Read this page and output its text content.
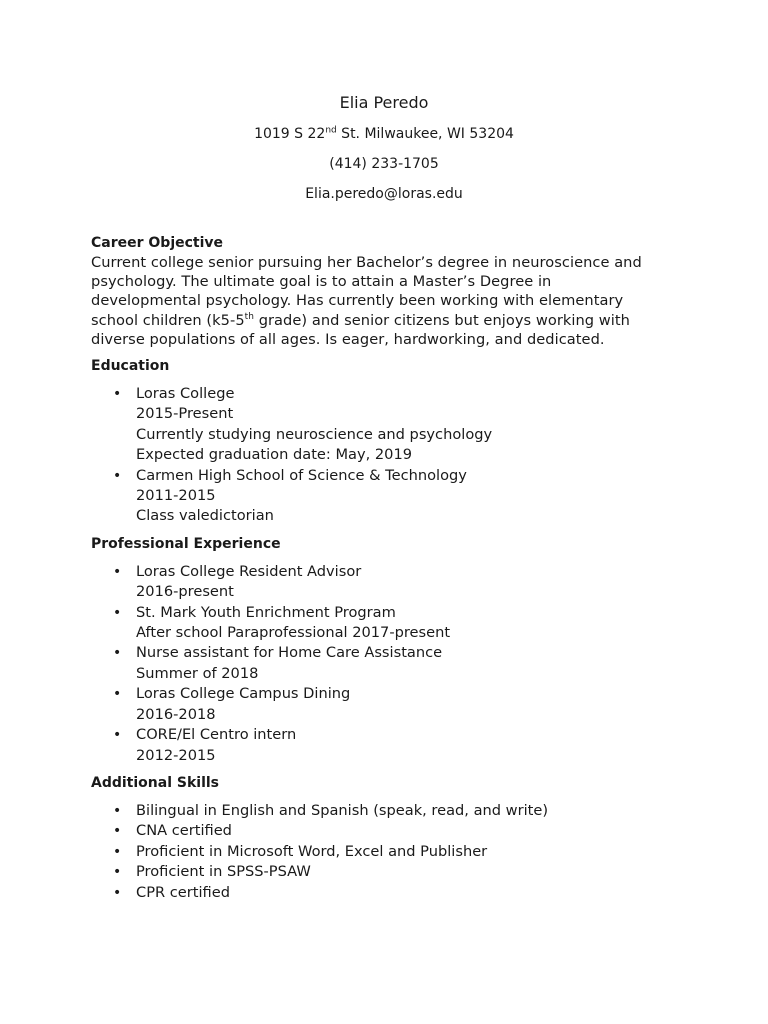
Elia Peredo
1019 S 22nd St. Milwaukee, WI 53204
(414) 233-1705
Elia.peredo@loras.edu
Career Objective

Current college senior pursuing her Bachelor’s degree in neuroscience and psychology. The ultimate goal is to attain a Master’s Degree in developmental psychology. Has currently been working with elementary school children (k5-5th grade) and senior citizens but enjoys working with diverse populations of all ages. Is eager, hardworking, and dedicated.

Education
• Loras College
2015-Present
Currently studying neuroscience and psychology
Expected graduation date: May, 2019
• Carmen High School of Science & Technology
2011-2015
Class valedictorian
Professional Experience
• Loras College Resident Advisor
2016-present
• St. Mark Youth Enrichment Program
After school Paraprofessional 2017-present
• Nurse assistant for Home Care Assistance
Summer of 2018
• Loras College Campus Dining
2016-2018
• CORE/El Centro intern
2012-2015
Additional Skills
• Bilingual in English and Spanish (speak, read, and write)
• CNA certified
• Proficient in Microsoft Word, Excel and Publisher
• Proficient in SPSS-PSAW
• CPR certified
